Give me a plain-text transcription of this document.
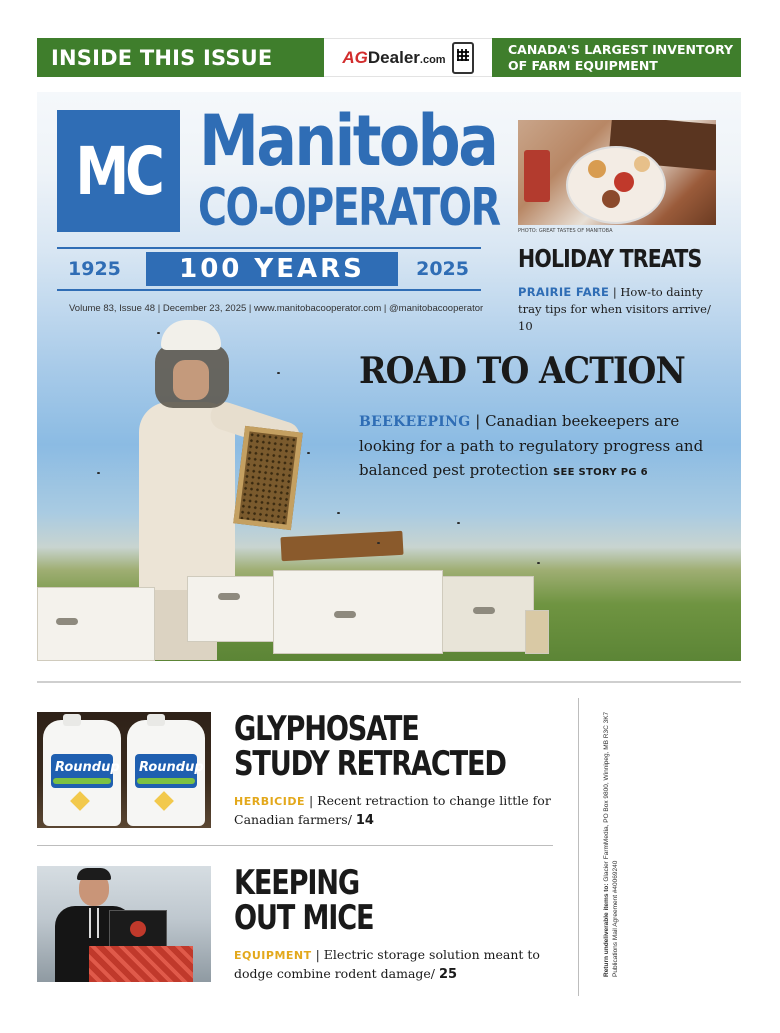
INSIDE THIS ISSUE	AGDealer.com
CANADA'S LARGEST INVENTORY
OF FARM EQUIPMENT
MC Manitoba
CO-OPERATOR
1925	100 YEARS	2025
Volume 83, Issue 48 | December 23, 2025 | www.manitobacooperator.com | @manitobacooperator
PHOTO: GREAT TASTES OF MANITOBA
HOLIDAY TREATS
PRAIRIE FARE | How-to dainty tray tips for when visitors arrive/ 10
ROAD TO ACTION
BEEKEEPING | Canadian beekeepers are looking for a path to regulatory progress and balanced pest protection SEE STORY PG 6
Roundup Roundup
GLYPHOSATE
STUDY RETRACTED
HERBICIDE | Recent retraction to change little for Canadian farmers/ 14
KEEPING
OUT MICE
EQUIPMENT | Electric storage solution meant to dodge combine rodent damage/ 25	Return undeliverable items to: Glacier FarmMedia, PO Box 9800, Winnipeg, MB R3C 3K7
Publications Mail Agreement #40069240
